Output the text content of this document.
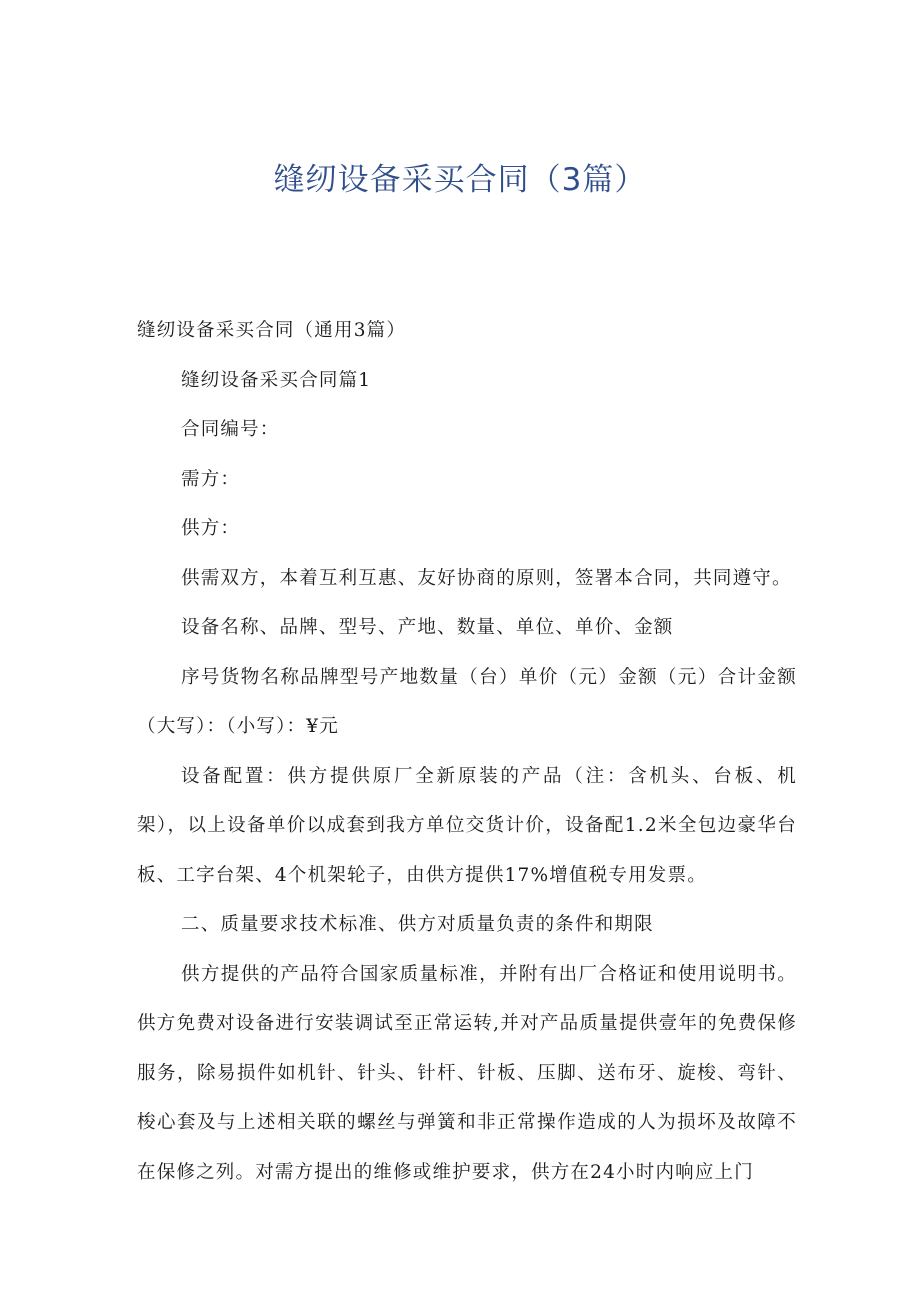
缝纫设备采买合同（3篇）

缝纫设备采买合同（通用3篇）

缝纫设备采买合同篇1

合同编号：

需方：

供方：

供需双方，本着互利互惠、友好协商的原则，签署本合同，共同遵守。

设备名称、品牌、型号、产地、数量、单位、单价、金额

序号货物名称品牌型号产地数量（台）单价（元）金额（元）合计金额（大写）：（小写）：¥元

设备配置：供方提供原厂全新原装的产品（注：含机头、台板、机架），以上设备单价以成套到我方单位交货计价，设备配1.2米全包边豪华台板、工字台架、4个机架轮子，由供方提供17%增值税专用发票。

二、质量要求技术标准、供方对质量负责的条件和期限

供方提供的产品符合国家质量标准，并附有出厂合格证和使用说明书。供方免费对设备进行安装调试至正常运转,并对产品质量提供壹年的免费保修服务，除易损件如机针、针头、针杆、针板、压脚、送布牙、旋梭、弯针、梭心套及与上述相关联的螺丝与弹簧和非正常操作造成的人为损坏及故障不在保修之列。对需方提出的维修或维护要求，供方在24小时内响应上门
